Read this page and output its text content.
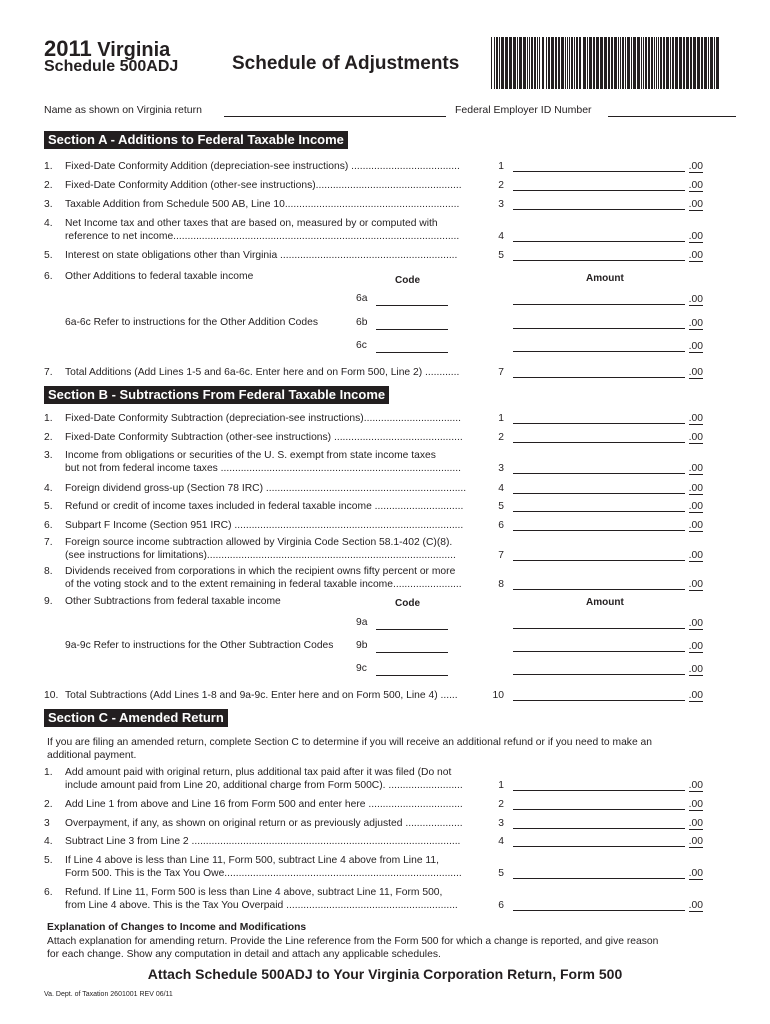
2011 Virginia
Schedule 500ADJ	Schedule of Adjustments
Name as shown on Virginia return	Federal Employer ID Number
Section A - Additions to Federal Taxable Income
1. Fixed-Date Conformity Addition (depreciation-see instructions) ......................................	1	.00
2. Fixed-Date Conformity Addition (other-see instructions)...................................................	2	.00
3. Taxable Addition from Schedule 500 AB, Line 10.............................................................	3	.00
4. Net Income tax and other taxes that are based on, measured by or computed with
reference to net income....................................................................................................	4	.00
5. Interest on state obligations other than Virginia ..............................................................	5	.00
6. Other Additions to federal taxable income	Code	Amount
6a	.00
6b	.00
6a-6c Refer to instructions for the Other Addition Codes
6c	.00
7. Total Additions (Add Lines 1-5 and 6a-6c. Enter here and on Form 500, Line 2) ............	7	.00
Section B - Subtractions From Federal Taxable Income
1. Fixed-Date Conformity Subtraction (depreciation-see instructions)..................................	1	.00
2. Fixed-Date Conformity Subtraction (other-see instructions) .............................................	2	.00
3. Income from obligations or securities of the U. S. exempt from state income taxes
but not from federal income taxes ....................................................................................	3	.00
4. Foreign dividend gross-up (Section 78 IRC) ......................................................................	4	.00
5. Refund or credit of income taxes included in federal taxable income ...............................	5	.00
6. Subpart F Income (Section 951 IRC) ................................................................................	6	.00
7. Foreign source income subtraction allowed by Virginia Code Section 58.1-402 (C)(8).
(see instructions for limitations).......................................................................................	7	.00
8. Dividends received from corporations in which the recipient owns fifty percent or more
of the voting stock and to the extent remaining in federal taxable income........................	8	.00
9. Other Subtractions from federal taxable income	Code	Amount
9a	.00
9b	.00
9a-9c Refer to instructions for the Other Subtraction Codes
9c	.00
10. Total Subtractions (Add Lines 1-8 and 9a-9c. Enter here and on Form 500, Line 4) ......	10	.00
Section C - Amended Return
If you are filing an amended return, complete Section C to determine if you will receive an additional refund or if you need to make an
additional payment.
1. Add amount paid with original return, plus additional tax paid after it was filed (Do not
include amount paid from Line 20, additional charge from Form 500C). ..........................	1	.00
2. Add Line 1 from above and Line 16 from Form 500 and enter here .................................	2	.00
3 Overpayment, if any, as shown on original return or as previously adjusted ....................	3	.00
4. Subtract Line 3 from Line 2 ..............................................................................................	4	.00
5. If Line 4 above is less than Line 11, Form 500, subtract Line 4 above from Line 11,
Form 500. This is the Tax You Owe...................................................................................	5	.00
6. Refund. If Line 11, Form 500 is less than Line 4 above, subtract Line 11, Form 500,
from Line 4 above. This is the Tax You Overpaid ............................................................	6	.00
Explanation of Changes to Income and Modifications
Attach explanation for amending return. Provide the Line reference from the Form 500 for which a change is reported, and give reason
for each change. Show any computation in detail and attach any applicable schedules.
Attach Schedule 500ADJ to Your Virginia Corporation Return, Form 500
Va. Dept. of Taxation 2601001 REV 06/11
